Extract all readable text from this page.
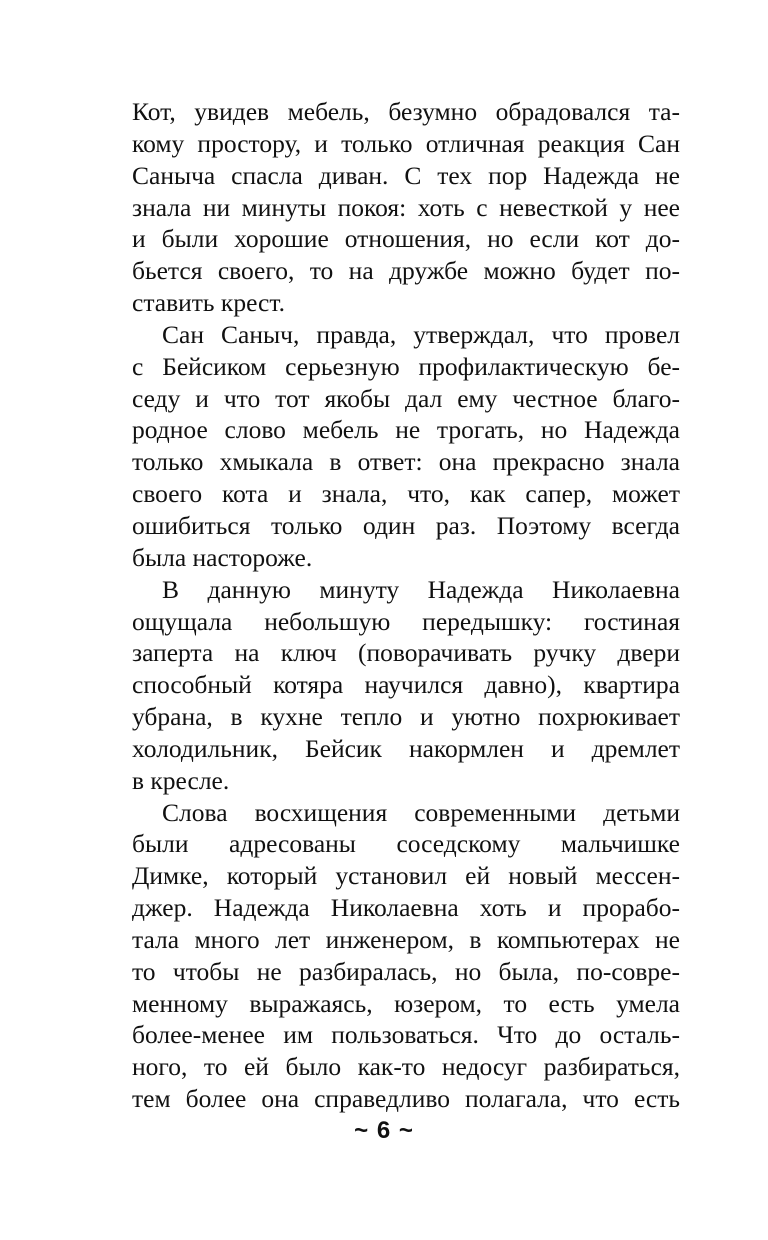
Кот, увидев мебель, безумно обрадовался та-
кому простору, и только отличная реакция Сан
Саныча спасла диван. С тех пор Надежда не
знала ни минуты покоя: хоть с невесткой у нее
и были хорошие отношения, но если кот до-
бьется своего, то на дружбе можно будет по-
ставить крест.
Сан Саныч, правда, утверждал, что провел
с Бейсиком серьезную профилактическую бе-
седу и что тот якобы дал ему честное благо-
родное слово мебель не трогать, но Надежда
только хмыкала в ответ: она прекрасно знала
своего кота и знала, что, как сапер, может
ошибиться только один раз. Поэтому всегда
была настороже.
В данную минуту Надежда Николаевна
ощущала небольшую передышку: гостиная
заперта на ключ (поворачивать ручку двери
способный котяра научился давно), квартира
убрана, в кухне тепло и уютно похрюкивает
холодильник, Бейсик накормлен и дремлет
в кресле.
Слова восхищения современными детьми
были адресованы соседскому мальчишке
Димке, который установил ей новый мессен-
джер. Надежда Николаевна хоть и прорабо-
тала много лет инженером, в компьютерах не
то чтобы не разбиралась, но была, по-совре-
менному выражаясь, юзером, то есть умела
более-менее им пользоваться. Что до осталь-
ного, то ей было как-то недосуг разбираться,
тем более она справедливо полагала, что есть
~ 6 ~
